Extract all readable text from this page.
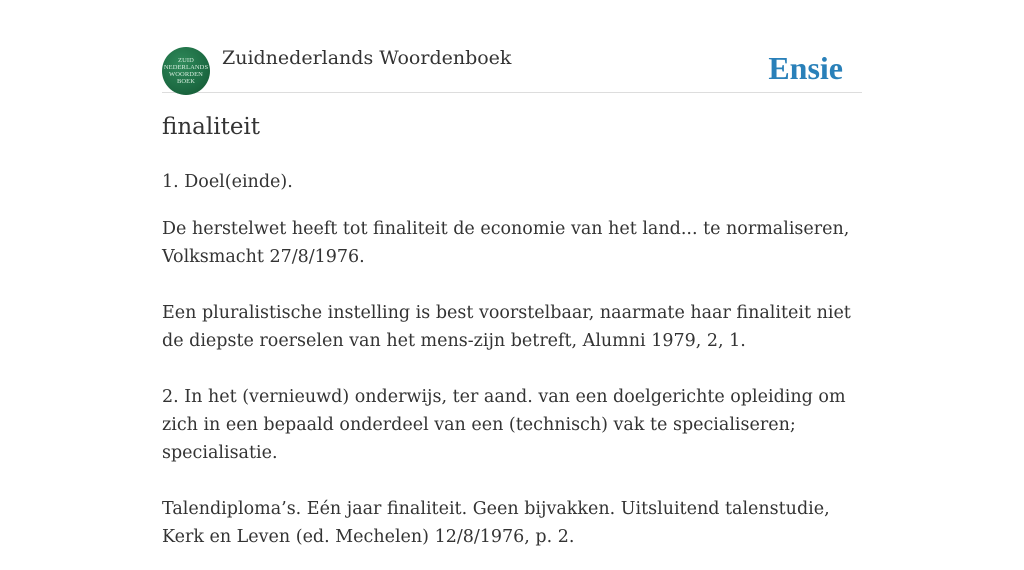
ZUID
NEDERLANDS
WOORDEN
BOEK
Zuidnederlands Woordenboek	Ensie
finaliteit

1. Doel(einde).

De herstelwet heeft tot finaliteit de economie van het land... te normaliseren, Volksmacht 27/8/1976.

Een pluralistische instelling is best voorstelbaar, naarmate haar finaliteit niet de diepste roerselen van het mens-zijn betreft, Alumni 1979, 2, 1.

2. In het (vernieuwd) onderwijs, ter aand. van een doelgerichte opleiding om zich in een bepaald onderdeel van een (technisch) vak te specialiseren; specialisatie.

Talendiploma’s. Eén jaar finaliteit. Geen bijvakken. Uitsluitend talenstudie, Kerk en Leven (ed. Mechelen) 12/8/1976, p. 2.
